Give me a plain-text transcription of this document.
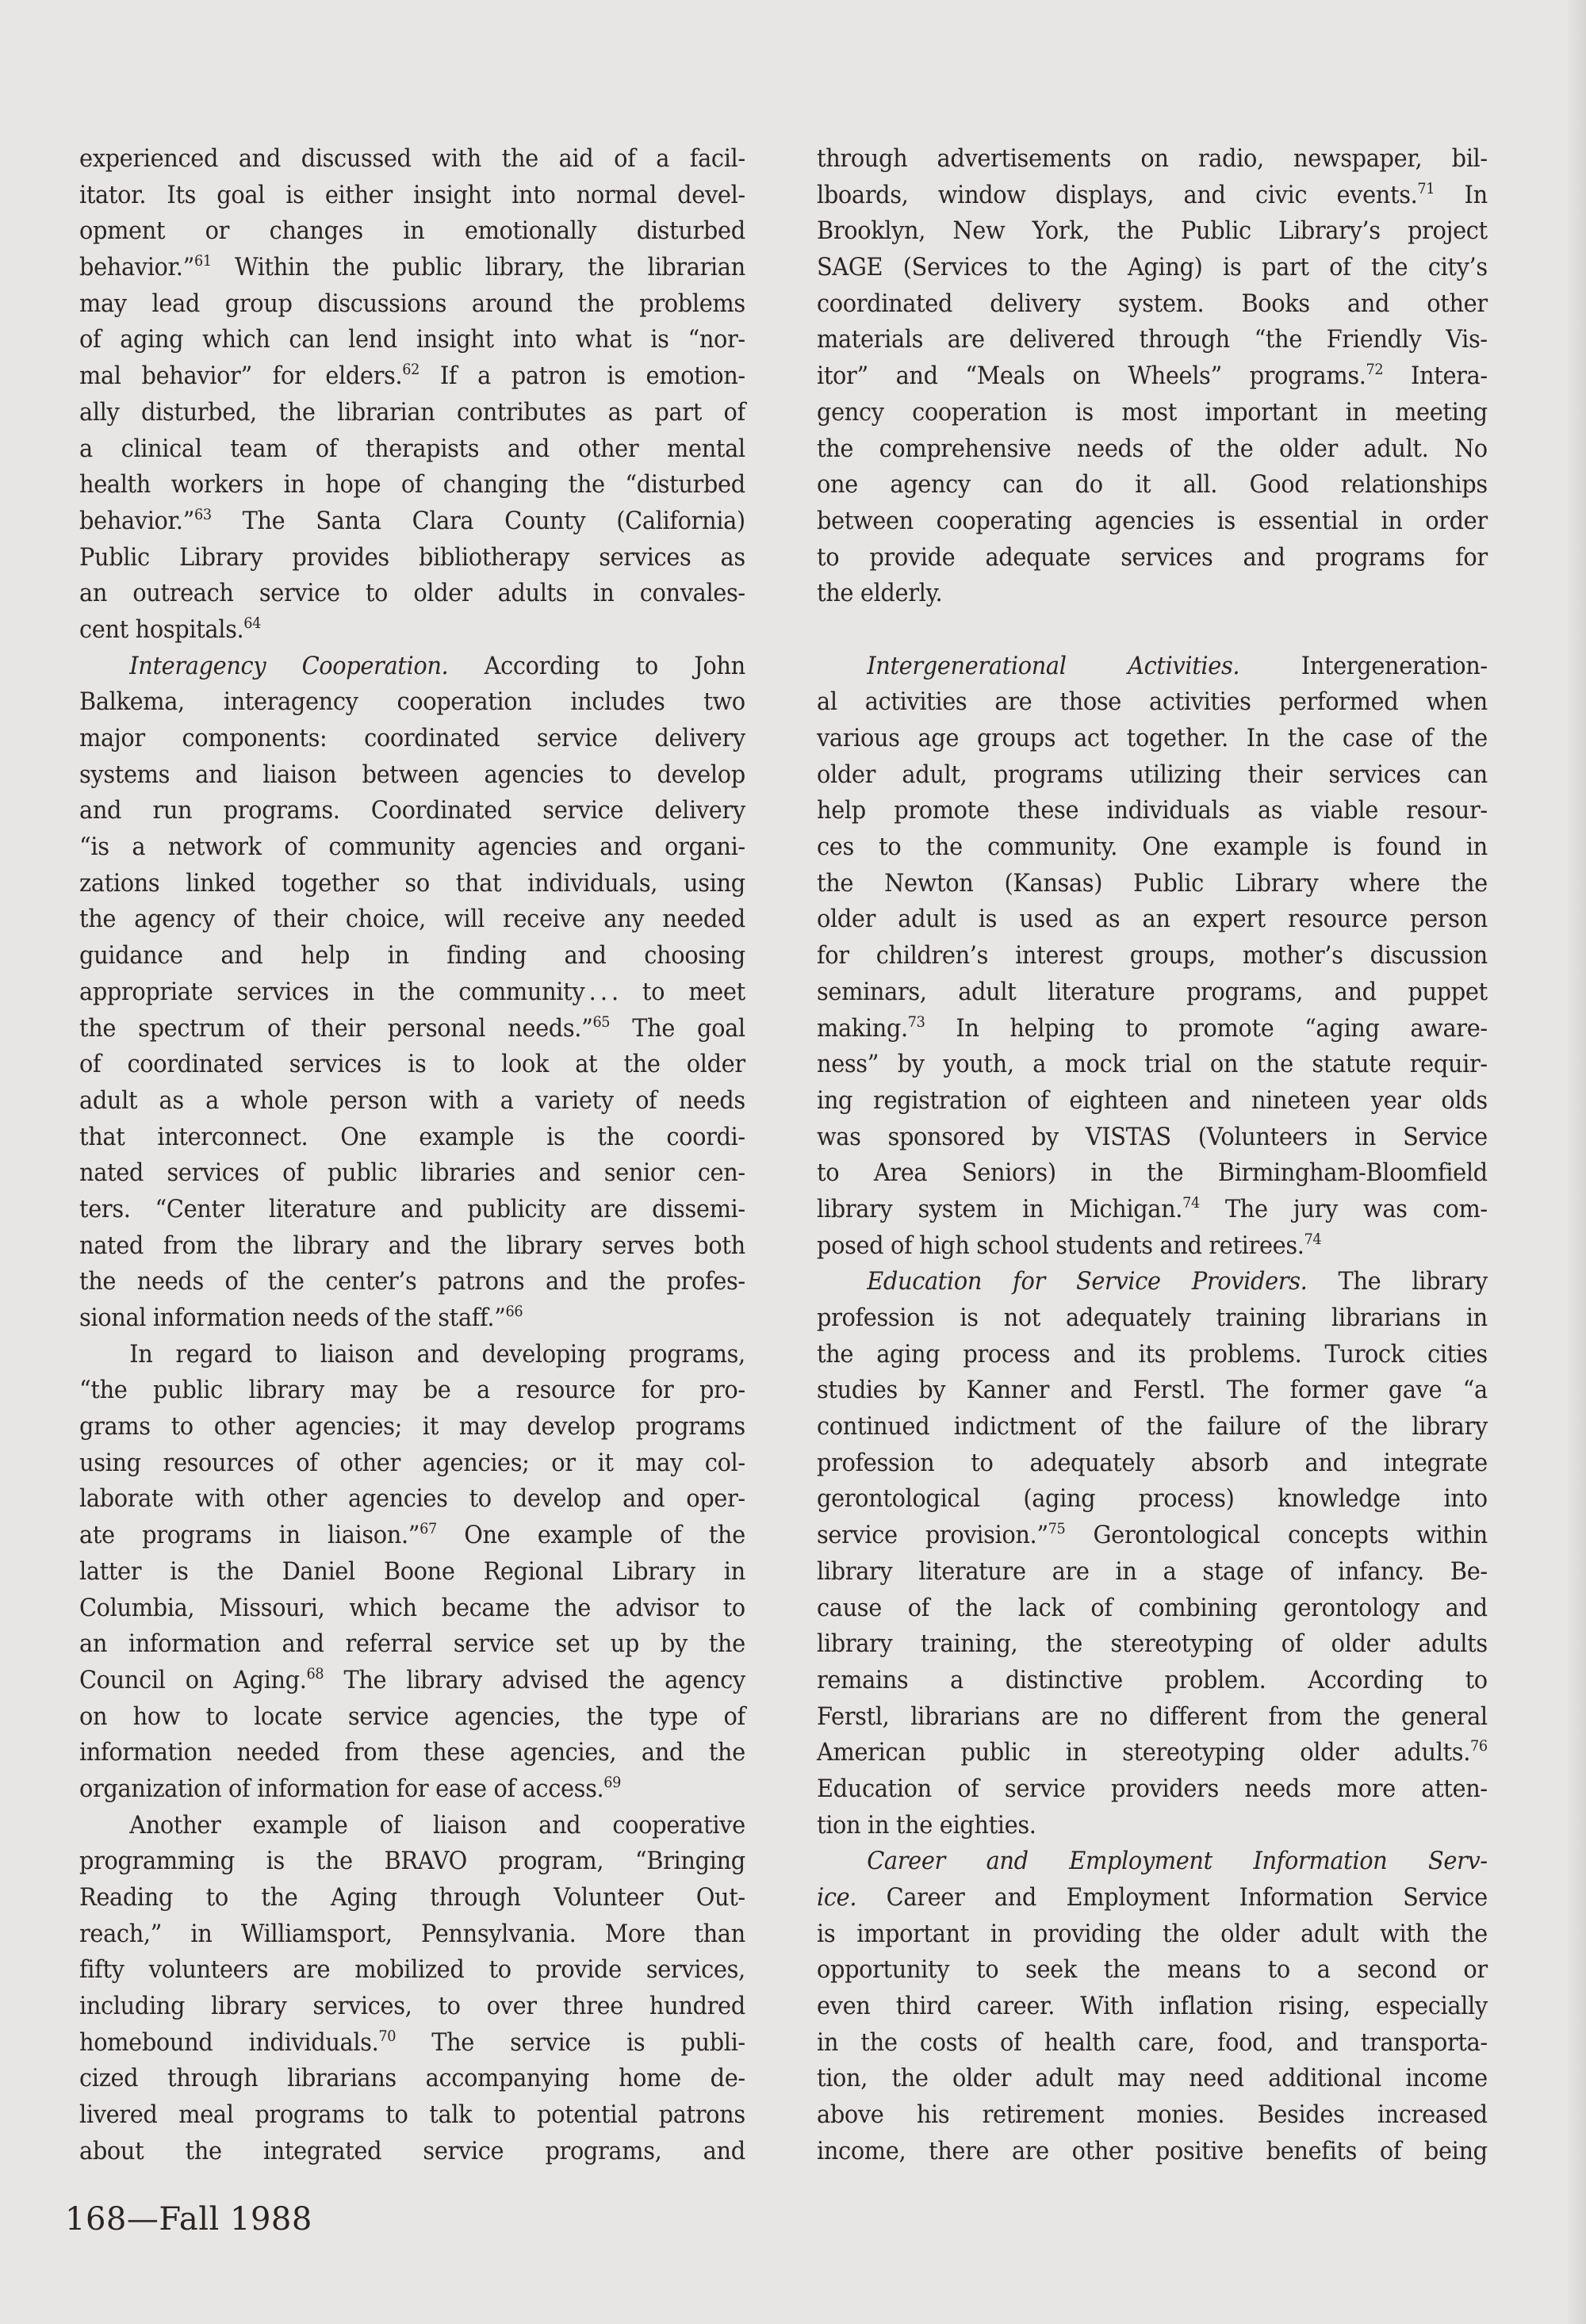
experienced and discussed with the aid of a facil-
itator. Its goal is either insight into normal devel-
opment or changes in emotionally disturbed
behavior.”$^{61}$ Within the public library, the librarian
may lead group discussions around the problems
of aging which can lend insight into what is “nor-
mal behavior” for elders.$^{62}$ If a patron is emotion-
ally disturbed, the librarian contributes as part of
a clinical team of therapists and other mental
health workers in hope of changing the “disturbed
behavior.”$^{63}$ The Santa Clara County (California)
Public Library provides bibliotherapy services as
an outreach service to older adults in convales-
cent hospitals.$^{64}$
Interagency Cooperation. According to John
Balkema, interagency cooperation includes two
major components: coordinated service delivery
systems and liaison between agencies to develop
and run programs. Coordinated service delivery
“is a network of community agencies and organi-
zations linked together so that individuals, using
the agency of their choice, will receive any needed
guidance and help in finding and choosing
appropriate services in the community . . . to meet
the spectrum of their personal needs.”$^{65}$ The goal
of coordinated services is to look at the older
adult as a whole person with a variety of needs
that interconnect. One example is the coordi-
nated services of public libraries and senior cen-
ters. “Center literature and publicity are dissemi-
nated from the library and the library serves both
the needs of the center’s patrons and the profes-
sional information needs of the staff.”$^{66}$
In regard to liaison and developing programs,
“the public library may be a resource for pro-
grams to other agencies; it may develop programs
using resources of other agencies; or it may col-
laborate with other agencies to develop and oper-
ate programs in liaison.”$^{67}$ One example of the
latter is the Daniel Boone Regional Library in
Columbia, Missouri, which became the advisor to
an information and referral service set up by the
Council on Aging.$^{68}$ The library advised the agency
on how to locate service agencies, the type of
information needed from these agencies, and the
organization of information for ease of access.$^{69}$
Another example of liaison and cooperative
programming is the BRAVO program, “Bringing
Reading to the Aging through Volunteer Out-
reach,” in Williamsport, Pennsylvania. More than
fifty volunteers are mobilized to provide services,
including library services, to over three hundred
homebound individuals.$^{70}$ The service is publi-
cized through librarians accompanying home de-
livered meal programs to talk to potential patrons
about the integrated service programs, and
through advertisements on radio, newspaper, bil-
lboards, window displays, and civic events.$^{71}$ In
Brooklyn, New York, the Public Library’s project
SAGE (Services to the Aging) is part of the city’s
coordinated delivery system. Books and other
materials are delivered through “the Friendly Vis-
itor” and “Meals on Wheels” programs.$^{72}$ Intera-
gency cooperation is most important in meeting
the comprehensive needs of the older adult. No
one agency can do it all. Good relationships
between cooperating agencies is essential in order
to provide adequate services and programs for
the elderly.
Intergenerational Activities. Intergeneration-
al activities are those activities performed when
various age groups act together. In the case of the
older adult, programs utilizing their services can
help promote these individuals as viable resour-
ces to the community. One example is found in
the Newton (Kansas) Public Library where the
older adult is used as an expert resource person
for children’s interest groups, mother’s discussion
seminars, adult literature programs, and puppet
making.$^{73}$ In helping to promote “aging aware-
ness” by youth, a mock trial on the statute requir-
ing registration of eighteen and nineteen year olds
was sponsored by VISTAS (Volunteers in Service
to Area Seniors) in the Birmingham-Bloomfield
library system in Michigan.$^{74}$ The jury was com-
posed of high school students and retirees.$^{74}$
Education for Service Providers. The library
profession is not adequately training librarians in
the aging process and its problems. Turock cities
studies by Kanner and Ferstl. The former gave “a
continued indictment of the failure of the library
profession to adequately absorb and integrate
gerontological (aging process) knowledge into
service provision.”$^{75}$ Gerontological concepts within
library literature are in a stage of infancy. Be-
cause of the lack of combining gerontology and
library training, the stereotyping of older adults
remains a distinctive problem. According to
Ferstl, librarians are no different from the general
American public in stereotyping older adults.$^{76}$
Education of service providers needs more atten-
tion in the eighties.
Career and Employment Information Serv-
ice. Career and Employment Information Service
is important in providing the older adult with the
opportunity to seek the means to a second or
even third career. With inflation rising, especially
in the costs of health care, food, and transporta-
tion, the older adult may need additional income
above his retirement monies. Besides increased
income, there are other positive benefits of being
168—Fall 1988
